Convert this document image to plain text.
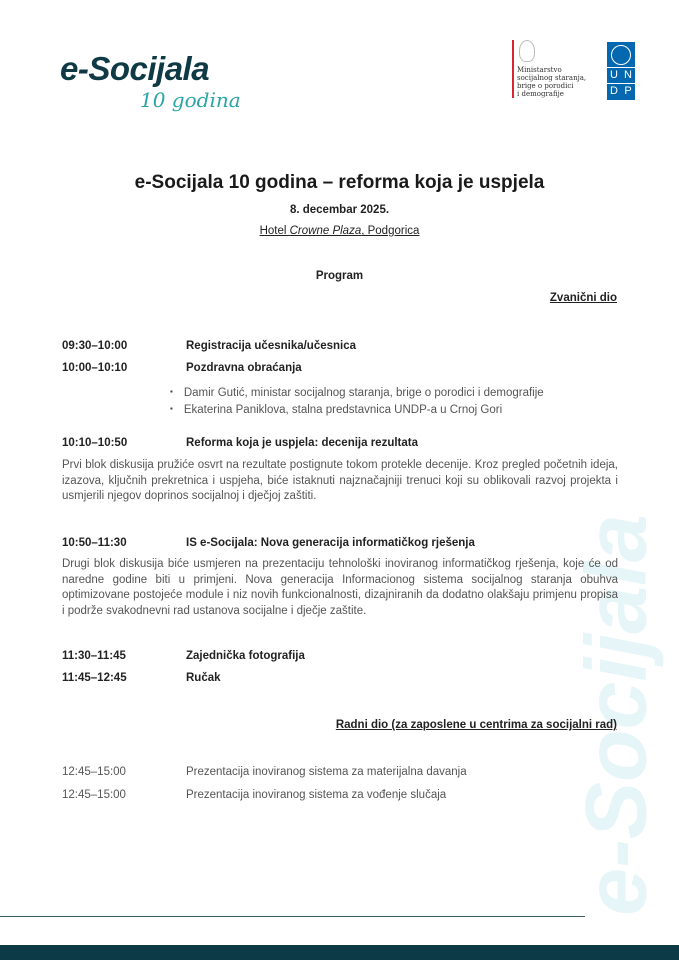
e-Socijala
e-Socijala
10 godina
Ministarstvo
socijalnog staranja,
brige o porodici
i demografije
U N
D P
e-Socijala 10 godina – reforma koja je uspjela
8. decembar 2025.
Hotel Crowne Plaza, Podgorica
Program
Zvanični dio
09:30–10:00	Registracija učesnika/učesnica
10:00–10:10	Pozdravna obraćanja
▪ Damir Gutić, ministar socijalnog staranja, brige o porodici i demografije
▪ Ekaterina Paniklova, stalna predstavnica UNDP-a u Crnoj Gori
10:10–10:50	Reforma koja je uspjela: decenija rezultata
Prvi blok diskusija pružiće osvrt na rezultate postignute tokom protekle decenije. Kroz pregled početnih ideja, izazova, ključnih prekretnica i uspjeha, biće istaknuti najznačajniji trenuci koji su oblikovali razvoj projekta i usmjerili njegov doprinos socijalnoj i dječjoj zaštiti.
10:50–11:30	IS e-Socijala: Nova generacija informatičkog rješenja
Drugi blok diskusija biće usmjeren na prezentaciju tehnološki inoviranog informatičkog rješenja, koje će od naredne godine biti u primjeni. Nova generacija Informacionog sistema socijalnog staranja obuhva optimizovane postojeće module i niz novih funkcionalnosti, dizajniranih da dodatno olakšaju primjenu propisa i podrže svakodnevni rad ustanova socijalne i dječje zaštite.
11:30–11:45	Zajednička fotografija
11:45–12:45	Ručak
Radni dio (za zaposlene u centrima za socijalni rad)
12:45–15:00	Prezentacija inoviranog sistema za materijalna davanja
12:45–15:00	Prezentacija inoviranog sistema za vođenje slučaja
